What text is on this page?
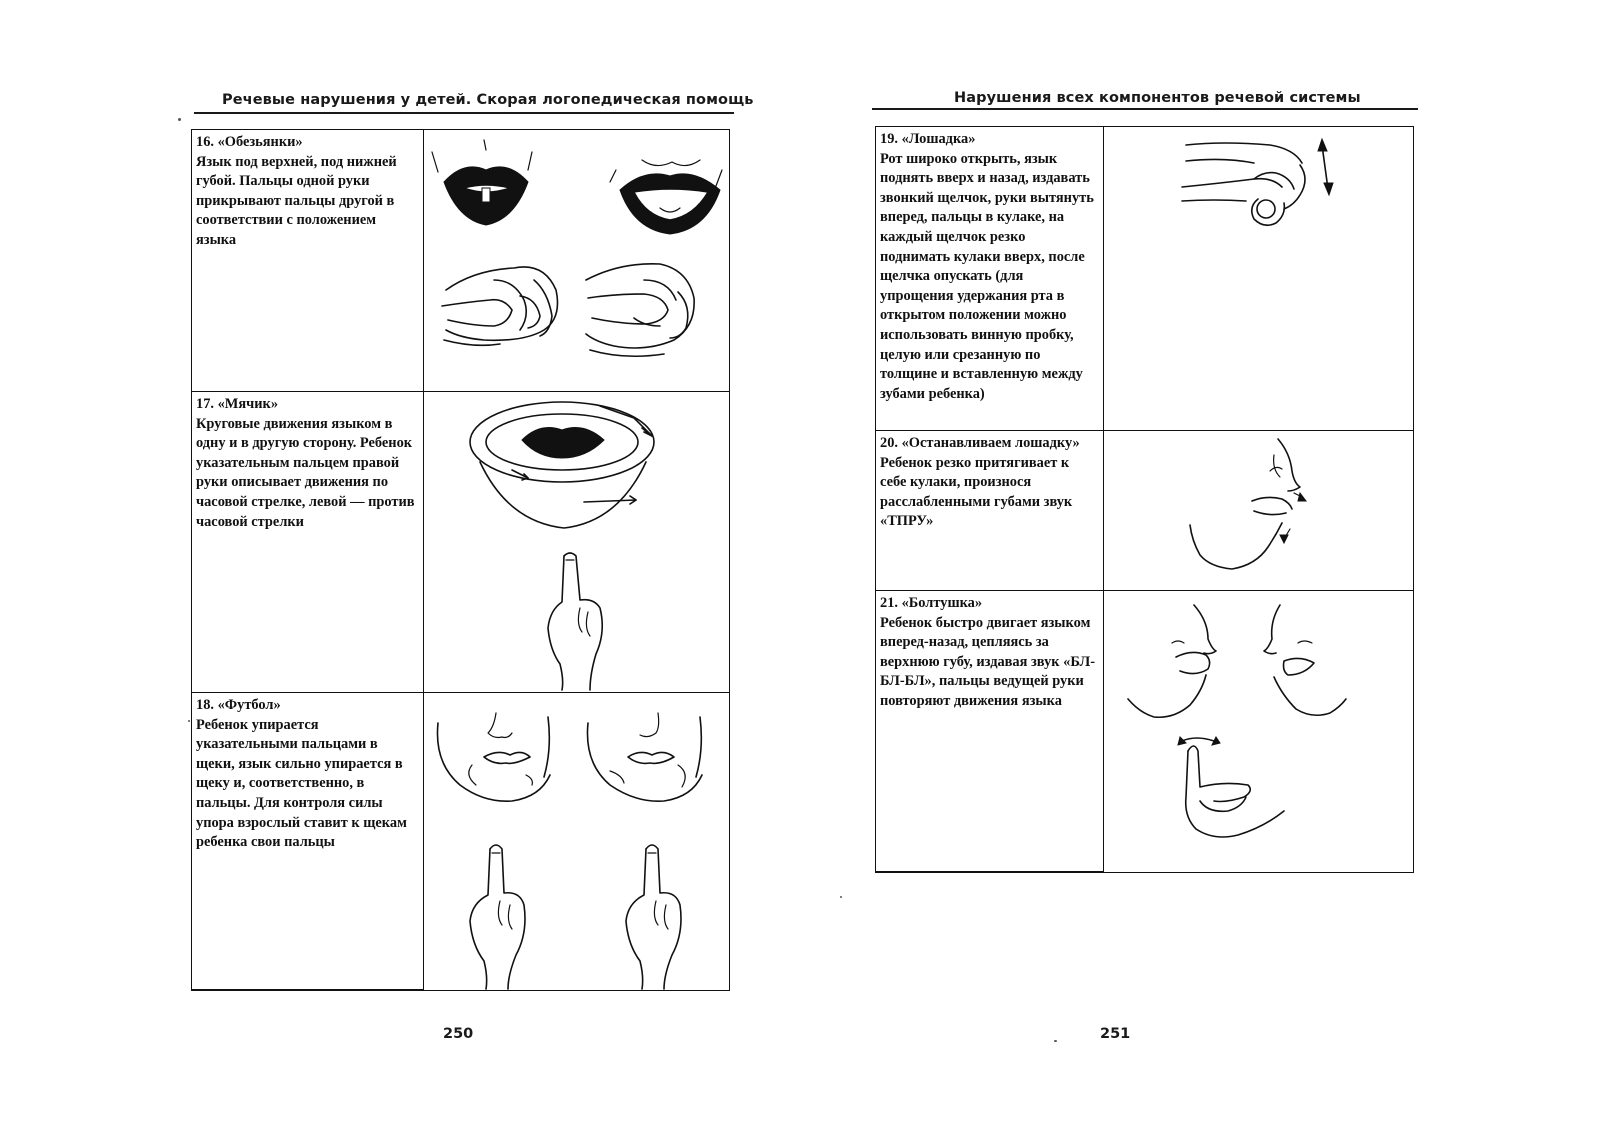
Речевые нарушения у детей. Скорая логопедическая помощь
16. «Обезьянки»
Язык под верхней, под нижней губой. Пальцы одной руки прикрывают пальцы другой в соответствии с положением языка
17. «Мячик»
Круговые движения языком в одну и в другую сторону. Ребенок указательным пальцем правой руки описывает движения по часовой стрелке, левой — против часовой стрелки
18. «Футбол»
Ребенок упирается указательными пальцами в щеки, язык сильно упирается в щеку и, соответственно, в пальцы. Для контроля силы упора взрослый ставит к щекам ребенка свои пальцы
250
Нарушения всех компонентов речевой системы
19. «Лошадка»
Рот широко открыть, язык поднять вверх и назад, издавать звонкий щелчок, руки вытянуть вперед, пальцы в кулаке, на каждый щелчок резко поднимать кулаки вверх, после щелчка опускать (для упрощения удержания рта в открытом положении можно использовать винную пробку, целую или срезанную по толщине и вставленную между зубами ребенка)
20. «Останавливаем лошадку»
Ребенок резко притягивает к себе кулаки, произнося расслабленными губами звук «ТПРУ»
21. «Болтушка»
Ребенок быстро двигает языком вперед-назад, цепляясь за верхнюю губу, издавая звук «БЛ-БЛ-БЛ», пальцы ведущей руки повторяют движения языка
251
